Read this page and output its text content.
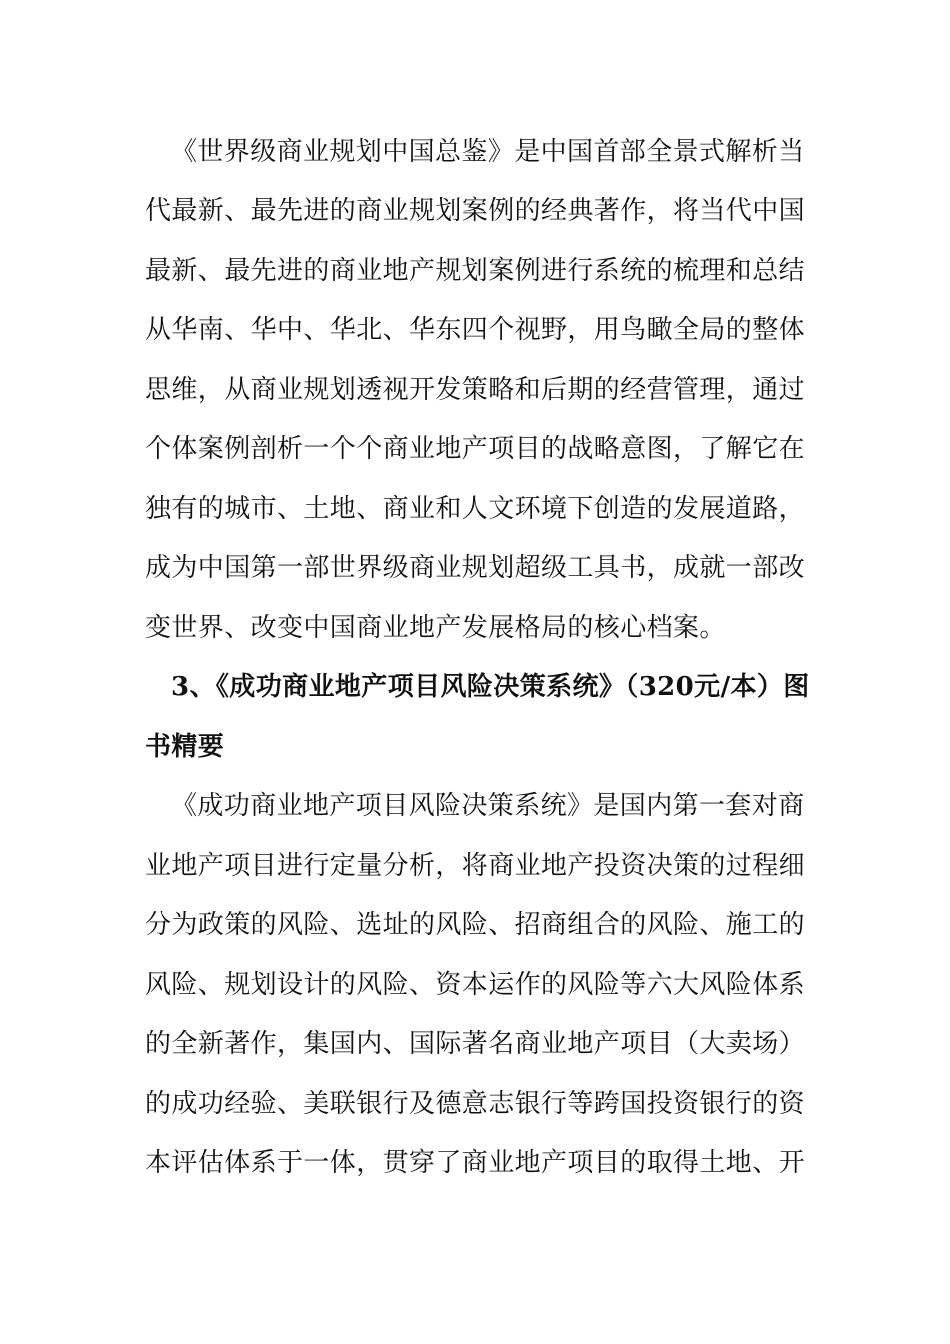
《世界级商业规划中国总鉴》是中国首部全景式解析当
代最新、最先进的商业规划案例的经典著作，将当代中国
最新、最先进的商业地产规划案例进行系统的梳理和总结
从华南、华中、华北、华东四个视野，用鸟瞰全局的整体
思维，从商业规划透视开发策略和后期的经营管理，通过
个体案例剖析一个个商业地产项目的战略意图，了解它在
独有的城市、土地、商业和人文环境下创造的发展道路，
成为中国第一部世界级商业规划超级工具书，成就一部改
变世界、改变中国商业地产发展格局的核心档案。
3、《成功商业地产项目风险决策系统》（320元/本）图
书精要
《成功商业地产项目风险决策系统》是国内第一套对商
业地产项目进行定量分析，将商业地产投资决策的过程细
分为政策的风险、选址的风险、招商组合的风险、施工的
风险、规划设计的风险、资本运作的风险等六大风险体系
的全新著作，集国内、国际著名商业地产项目（大卖场）
的成功经验、美联银行及德意志银行等跨国投资银行的资
本评估体系于一体，贯穿了商业地产项目的取得土地、开
